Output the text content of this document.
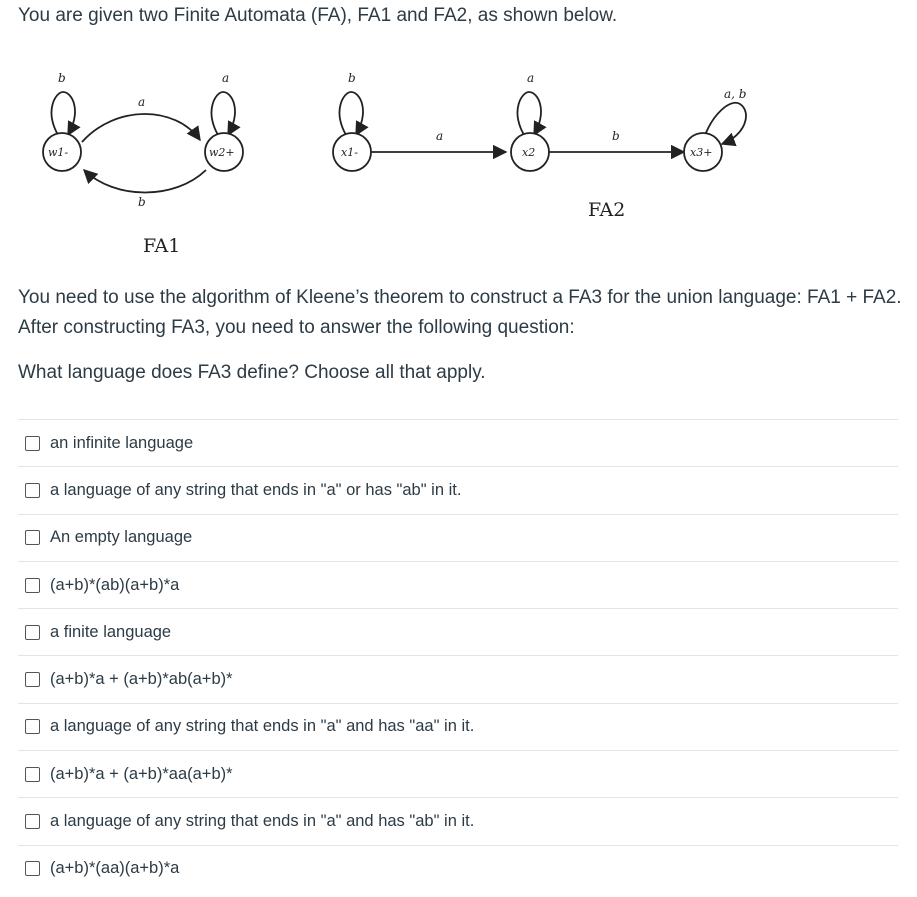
You are given two Finite Automata (FA), FA1 and FA2, as shown below.

b	a
a
b
w1-	w2+
FA1
b	a
a, b
a	b
x1-	x2	x3+
FA2

You need to use the algorithm of Kleene’s theorem to construct a FA3 for the union language: FA1 + FA2. After constructing FA3, you need to answer the following question:

What language does FA3 define? Choose all that apply.

an infinite language
a language of any string that ends in "a" or has "ab" in it.
An empty language
(a+b)*(ab)(a+b)*a
a finite language
(a+b)*a + (a+b)*ab(a+b)*
a language of any string that ends in "a" and has "aa" in it.
(a+b)*a + (a+b)*aa(a+b)*
a language of any string that ends in "a" and has "ab" in it.
(a+b)*(aa)(a+b)*a
